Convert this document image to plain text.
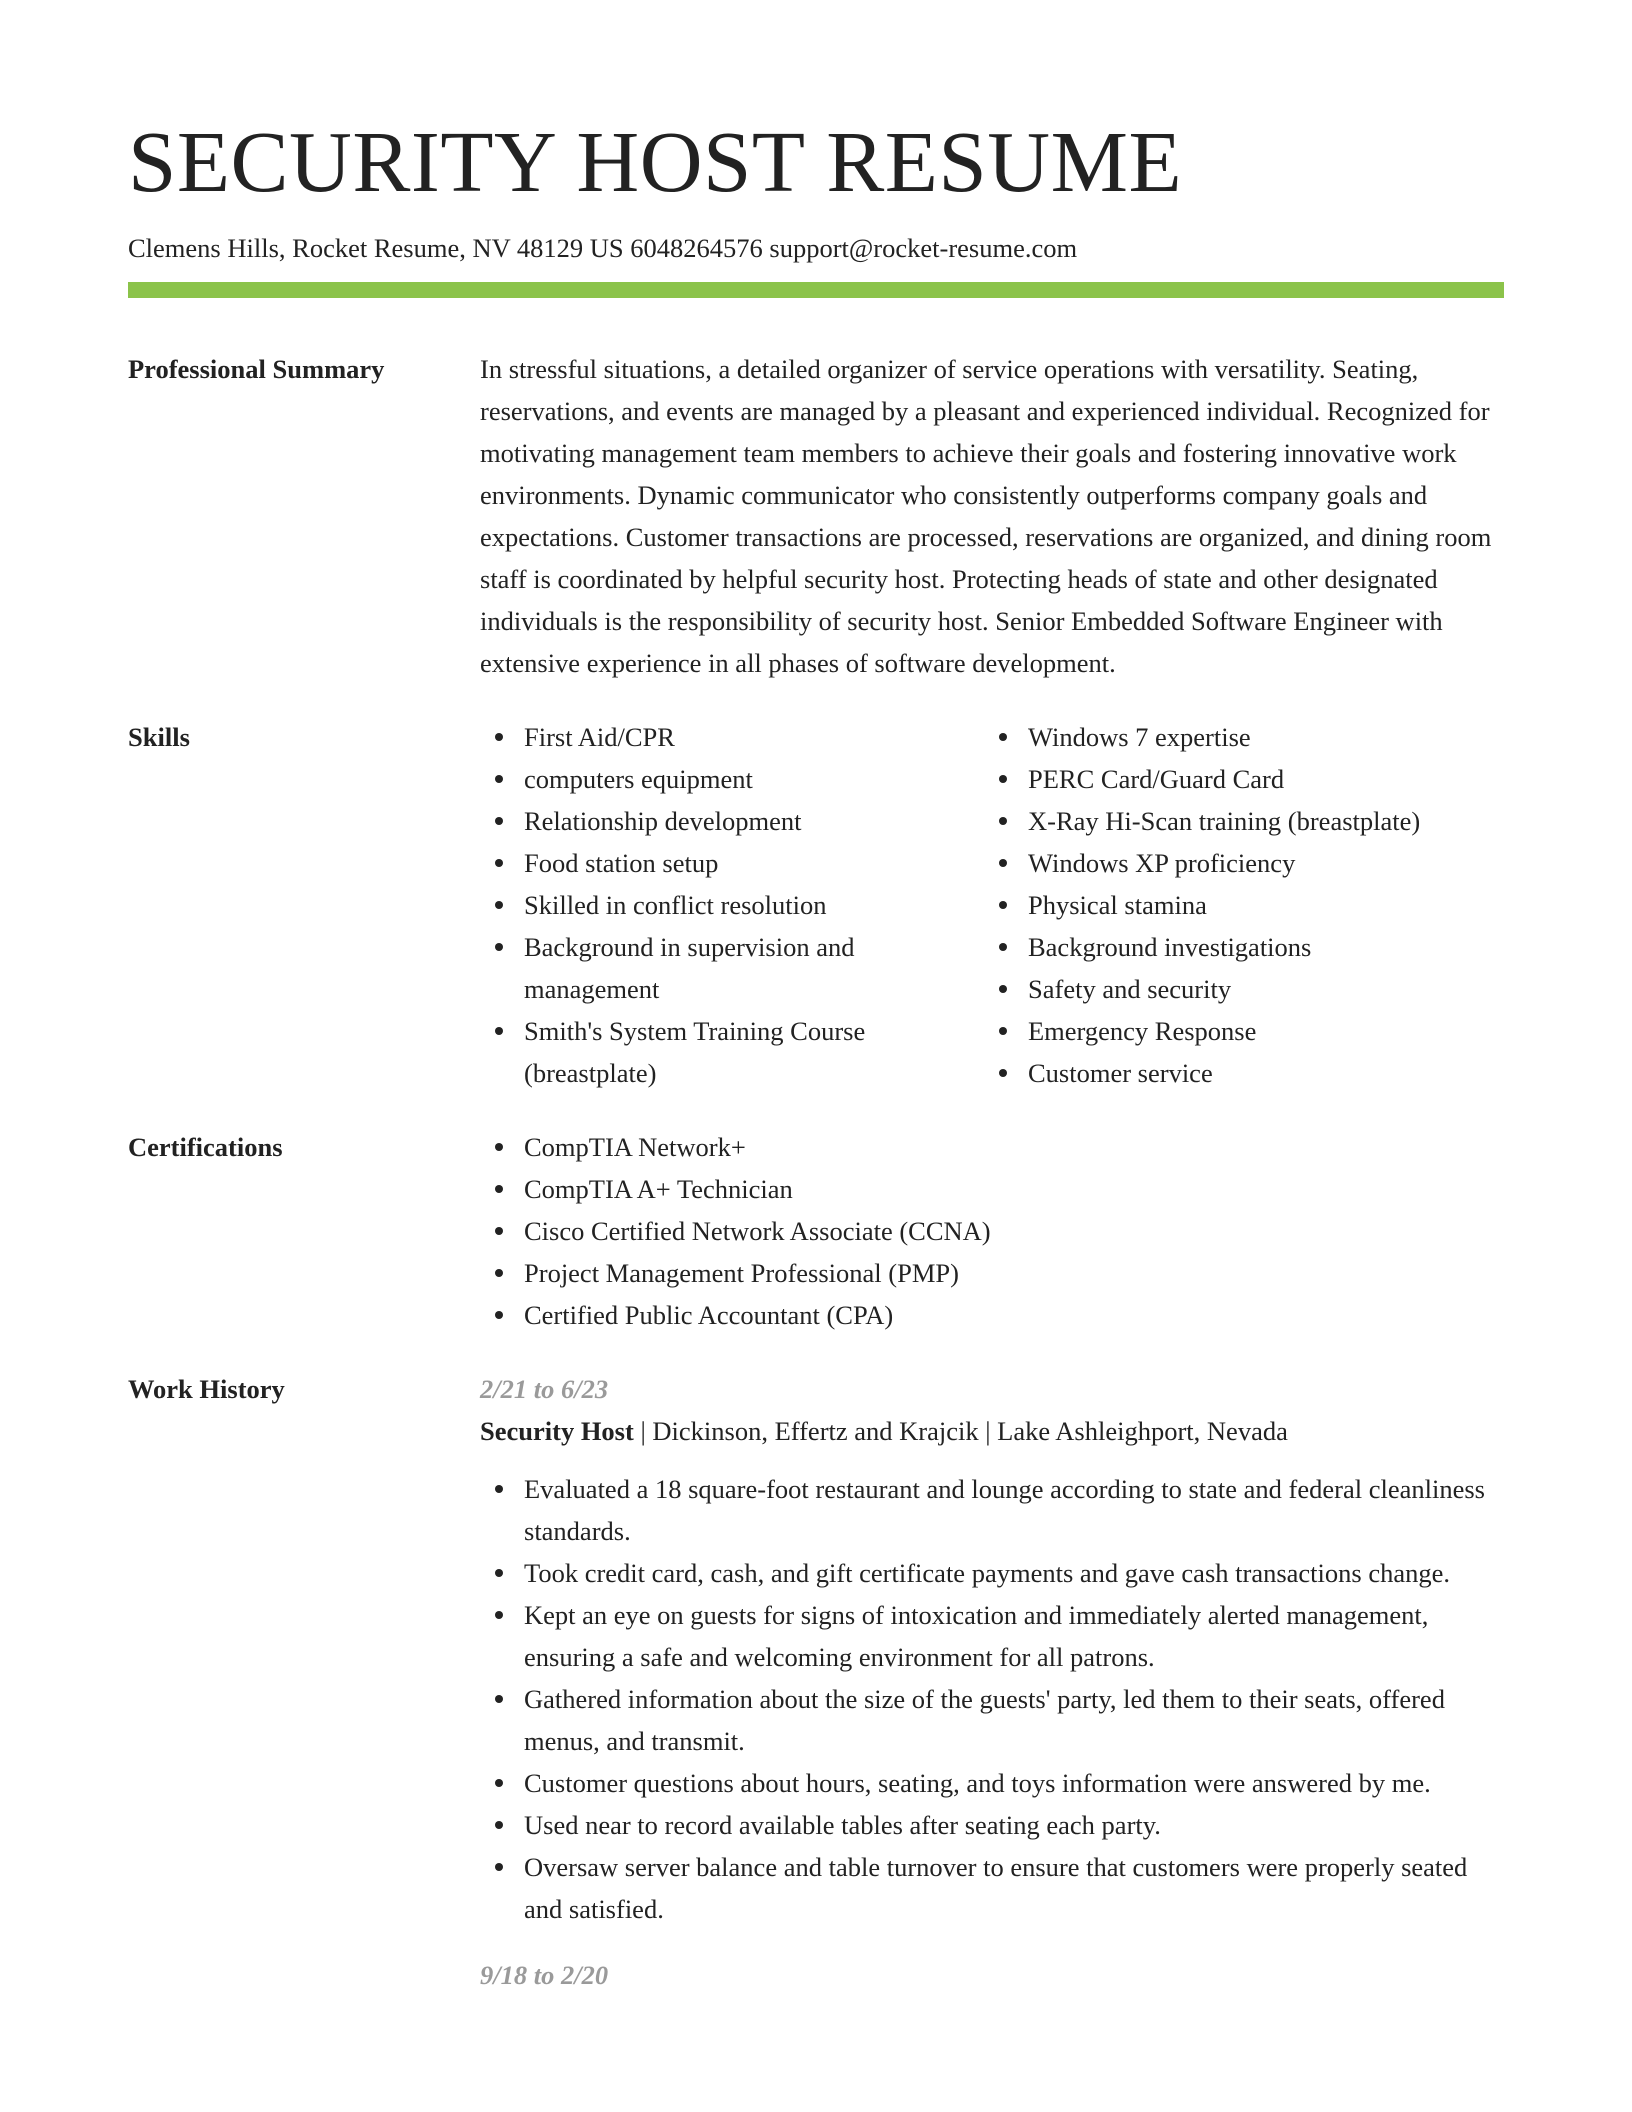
SECURITY HOST RESUME
Clemens Hills, Rocket Resume, NV 48129 US 6048264576 support@rocket-resume.com
Professional Summary	In stressful situations, a detailed organizer of service operations with versatility. Seating, reservations, and events are managed by a pleasant and experienced individual. Recognized for motivating management team members to achieve their goals and fostering innovative work environments. Dynamic communicator who consistently outperforms company goals and expectations. Customer transactions are processed, reservations are organized, and dining room staff is coordinated by helpful security host. Protecting heads of state and other designated individuals is the responsibility of security host. Senior Embedded Software Engineer with extensive experience in all phases of software development.

Skills	First Aid/CPR
computers equipment
Relationship development
Food station setup
Skilled in conflict resolution
Background in supervision and management
Smith's System Training Course (breastplate)
Windows 7 expertise
PERC Card/Guard Card
X-Ray Hi-Scan training (breastplate)
Windows XP proficiency
Physical stamina
Background investigations
Safety and security
Emergency Response
Customer service
Certifications	CompTIA Network+
CompTIA A+ Technician
Cisco Certified Network Associate (CCNA)
Project Management Professional (PMP)
Certified Public Accountant (CPA)
Work History	2/21 to 6/23
Security Host | Dickinson, Effertz and Krajcik | Lake Ashleighport, Nevada
Evaluated a 18 square-foot restaurant and lounge according to state and federal cleanliness standards.
Took credit card, cash, and gift certificate payments and gave cash transactions change.
Kept an eye on guests for signs of intoxication and immediately alerted management, ensuring a safe and welcoming environment for all patrons.
Gathered information about the size of the guests' party, led them to their seats, offered menus, and transmit.
Customer questions about hours, seating, and toys information were answered by me.
Used near to record available tables after seating each party.
Oversaw server balance and table turnover to ensure that customers were properly seated and satisfied.
9/18 to 2/20
